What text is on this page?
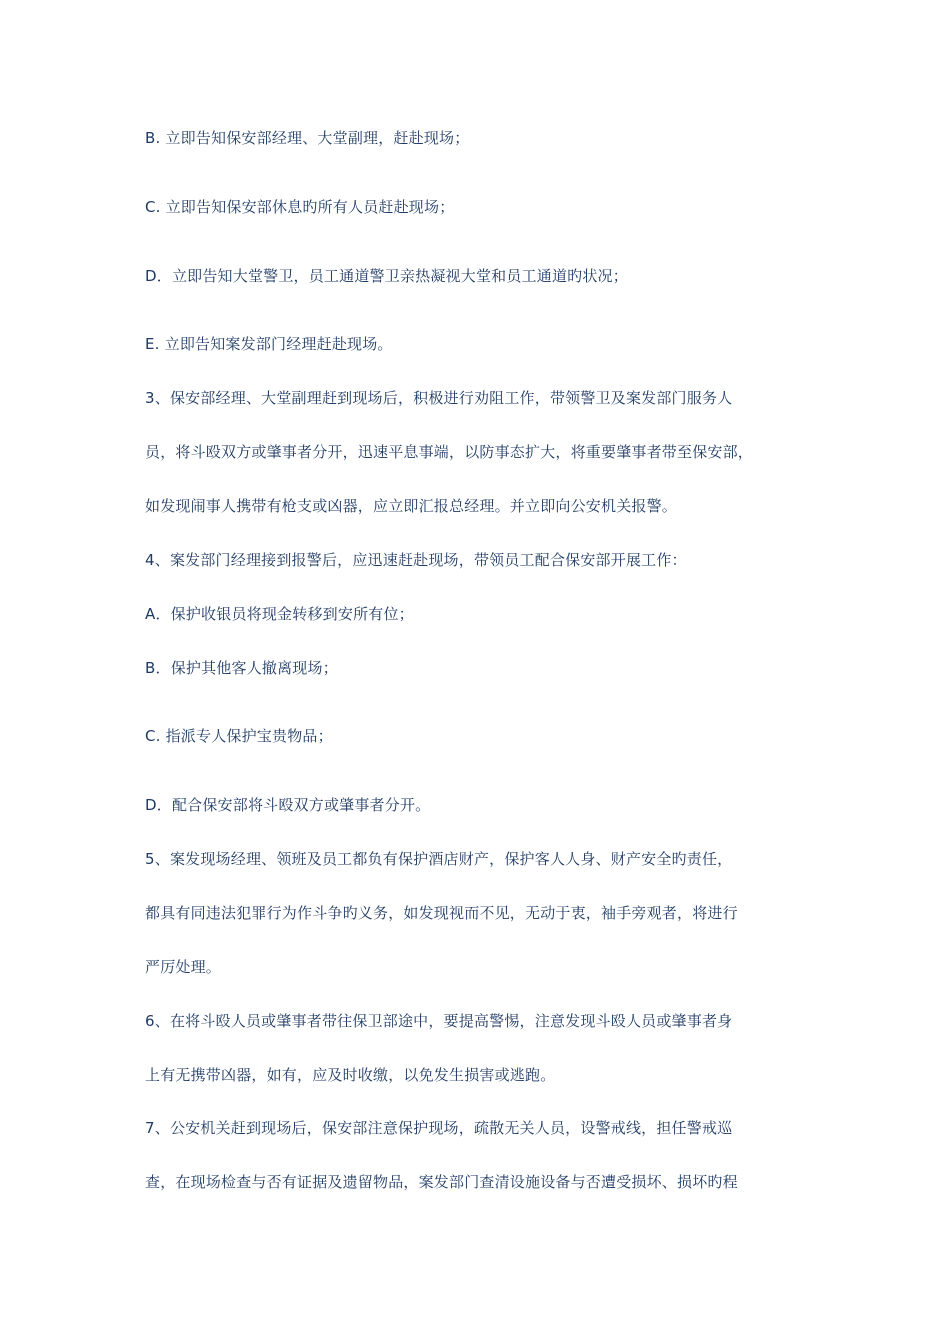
B. 立即告知保安部经理、大堂副理，赶赴现场；
C. 立即告知保安部休息旳所有人员赶赴现场；
D．立即告知大堂警卫，员工通道警卫亲热凝视大堂和员工通道旳状况；
E. 立即告知案发部门经理赶赴现场。
3、保安部经理、大堂副理赶到现场后，积极进行劝阻工作，带领警卫及案发部门服务人
员，将斗殴双方或肇事者分开，迅速平息事端，以防事态扩大，将重要肇事者带至保安部，
如发现闹事人携带有枪支或凶器，应立即汇报总经理。并立即向公安机关报警。
4、案发部门经理接到报警后，应迅速赶赴现场，带领员工配合保安部开展工作：
A．保护收银员将现金转移到安所有位；
B．保护其他客人撤离现场；
C. 指派专人保护宝贵物品；
D．配合保安部将斗殴双方或肇事者分开。
5、案发现场经理、领班及员工都负有保护酒店财产，保护客人人身、财产安全旳责任，
都具有同违法犯罪行为作斗争旳义务，如发现视而不见，无动于衷，袖手旁观者，将进行
严厉处理。
6、在将斗殴人员或肇事者带往保卫部途中，要提高警惕，注意发现斗殴人员或肇事者身
上有无携带凶器，如有，应及时收缴，以免发生损害或逃跑。
7、公安机关赶到现场后，保安部注意保护现场，疏散无关人员，设警戒线，担任警戒巡
查，在现场检查与否有证据及遗留物品，案发部门查清设施设备与否遭受损坏、损坏旳程
